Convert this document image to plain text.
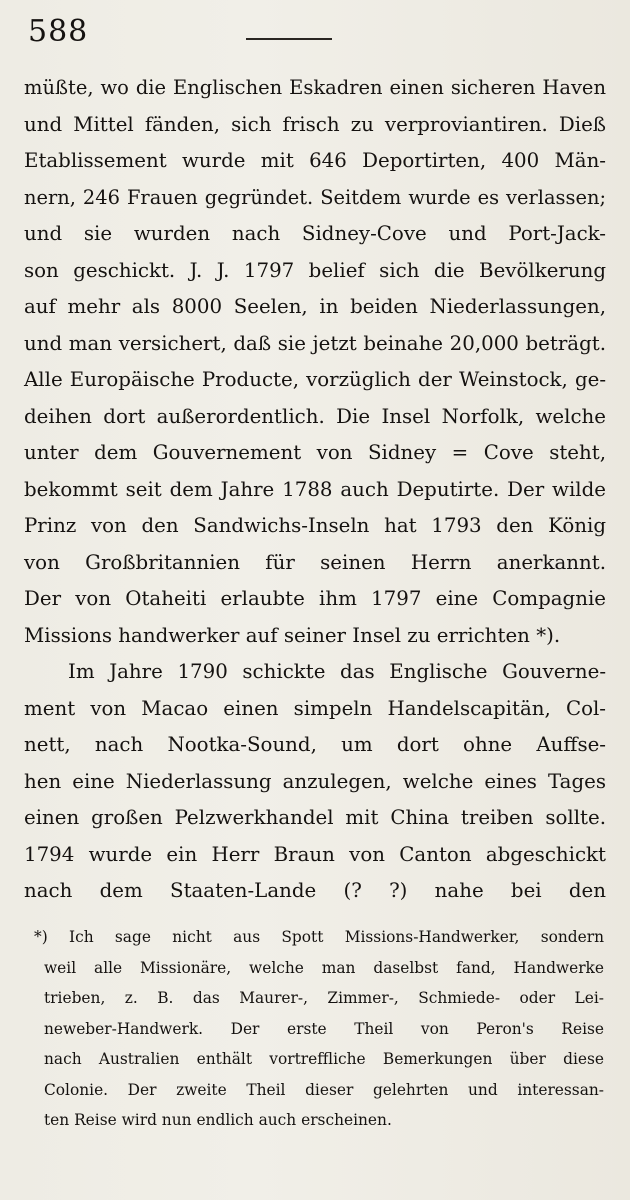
588
müßte, wo die Englischen Eskadren einen sicheren Haven
und Mittel fänden, sich frisch zu verproviantiren. Dieß
Etablissement wurde mit 646 Deportirten, 400 Män-
nern, 246 Frauen gegründet. Seitdem wurde es verlassen;
und sie wurden nach Sidney-Cove und Port-Jack-
son geschickt. J. J. 1797 belief sich die Bevölkerung
auf mehr als 8000 Seelen, in beiden Niederlassungen,
und man versichert, daß sie jetzt beinahe 20,000 beträgt.
Alle Europäische Producte, vorzüglich der Weinstock, ge-
deihen dort außerordentlich. Die Insel Norfolk, welche
unter dem Gouvernement von Sidney = Cove steht,
bekommt seit dem Jahre 1788 auch Deputirte. Der wilde
Prinz von den Sandwichs-Inseln hat 1793 den König
von Großbritannien für seinen Herrn anerkannt.
Der von Otaheiti erlaubte ihm 1797 eine Compagnie
Missions handwerker auf seiner Insel zu errichten *).
Im Jahre 1790 schickte das Englische Gouverne-
ment von Macao einen simpeln Handelscapitän, Col-
nett, nach Nootka-Sound, um dort ohne Auffse-
hen eine Niederlassung anzulegen, welche eines Tages
einen großen Pelzwerkhandel mit China treiben sollte.
1794 wurde ein Herr Braun von Canton abgeschickt
nach dem Staaten-Lande (? ?) nahe bei den
*) Ich sage nicht aus Spott Missions-Handwerker, sondern
weil alle Missionäre, welche man daselbst fand, Handwerke
trieben, z. B. das Maurer-, Zimmer-, Schmiede- oder Lei-
neweber-Handwerk. Der erste Theil von Peron's Reise
nach Australien enthält vortreffliche Bemerkungen über diese
Colonie. Der zweite Theil dieser gelehrten und interessan-
ten Reise wird nun endlich auch erscheinen.
